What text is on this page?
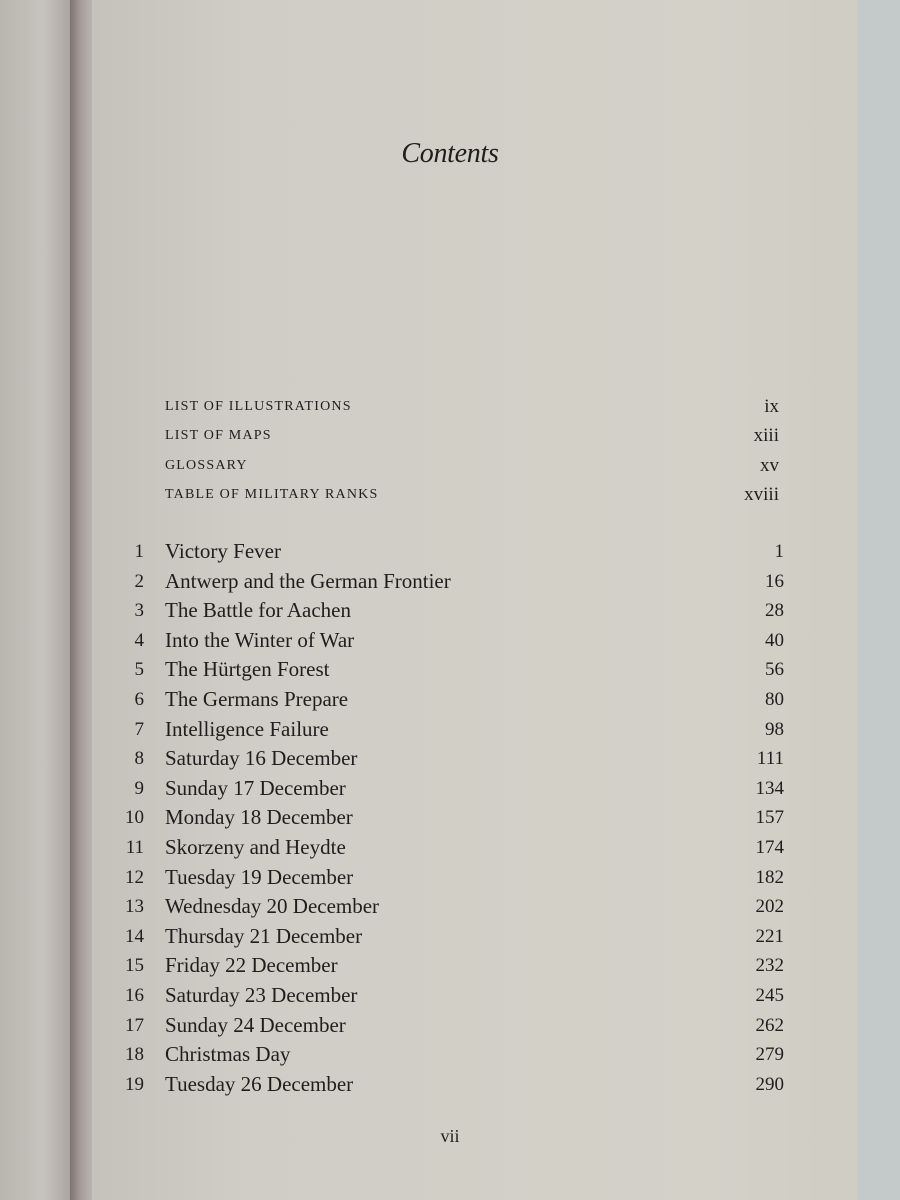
Contents
LIST OF ILLUSTRATIONS	ix
LIST OF MAPS	xiii
GLOSSARY	xv
TABLE OF MILITARY RANKS	xviii
1 Victory Fever	1
2 Antwerp and the German Frontier	16
3 The Battle for Aachen	28
4 Into the Winter of War	40
5 The Hürtgen Forest	56
6 The Germans Prepare	80
7 Intelligence Failure	98
8 Saturday 16 December	111
9 Sunday 17 December	134
10 Monday 18 December	157
11 Skorzeny and Heydte	174
12 Tuesday 19 December	182
13 Wednesday 20 December	202
14 Thursday 21 December	221
15 Friday 22 December	232
16 Saturday 23 December	245
17 Sunday 24 December	262
18 Christmas Day	279
19 Tuesday 26 December	290
vii
